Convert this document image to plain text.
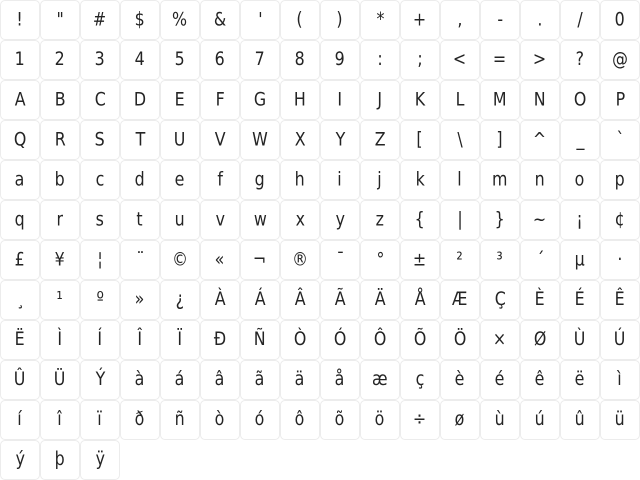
! " # $ % & ' ( ) * + , - . / 0
1 2 3 4 5 6 7 8 9 : ; < = > ? @
A B C D E F G H I J K L M N O P
Q R S T U V W X Y Z [ \ ] ^ _ `
a b c d e f g h i j k l m n o p
q r s t u v w x y z { | } ~ ¡ ¢
£ ¥ ¦ ¨ © « ¬ ® ¯ ° ± ² ³ ´ µ ·
¸ ¹ º » ¿ À Á Â Ã Ä Å Æ Ç È É Ê
Ë Ì Í Î Ï Ð Ñ Ò Ó Ô Õ Ö × Ø Ù Ú
Û Ü Ý à á â ã ä å æ ç è é ê ë ì
í î ï ð ñ ò ó ô õ ö ÷ ø ù ú û ü
ý þ ÿ
